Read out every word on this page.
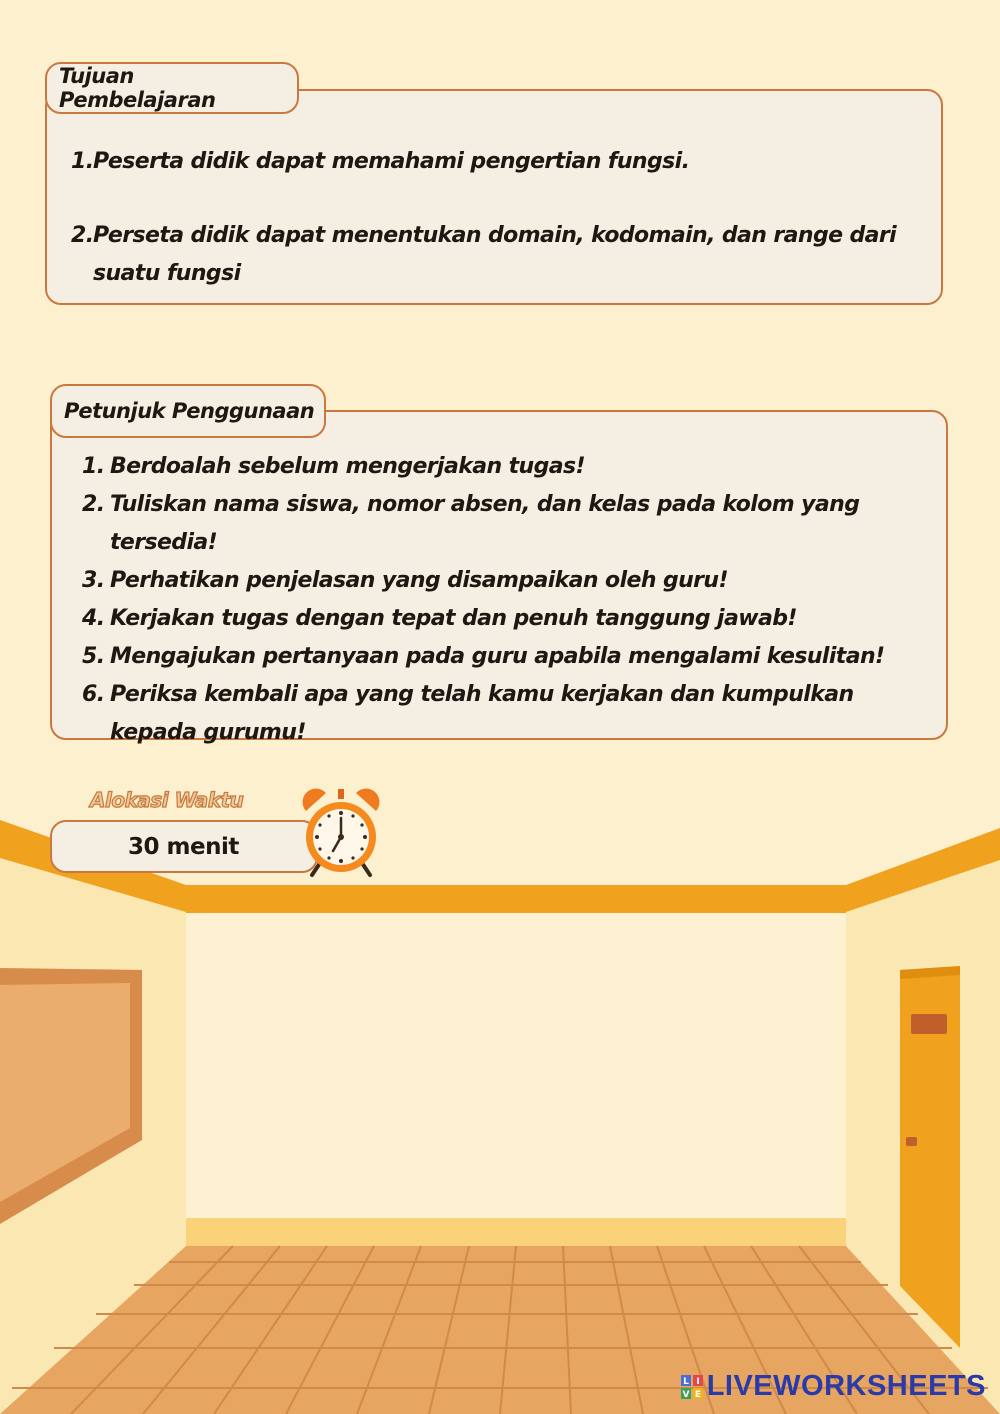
1. Peserta didik dapat memahami pengertian fungsi.
2. Perseta didik dapat menentukan domain, kodomain, dan range dari suatu fungsi
Tujuan Pembelajaran
1. Berdoalah sebelum mengerjakan tugas!
2. Tuliskan nama siswa, nomor absen, dan kelas pada kolom yang tersedia!
3. Perhatikan penjelasan yang disampaikan oleh guru!
4. Kerjakan tugas dengan tepat dan penuh tanggung jawab!
5. Mengajukan pertanyaan pada guru apabila mengalami kesulitan!
6. Periksa kembali apa yang telah kamu kerjakan dan kumpulkan kepada gurumu!
Petunjuk Penggunaan
Alokasi Waktu
30 menit
L I
V E LIVEWORKSHEETS
